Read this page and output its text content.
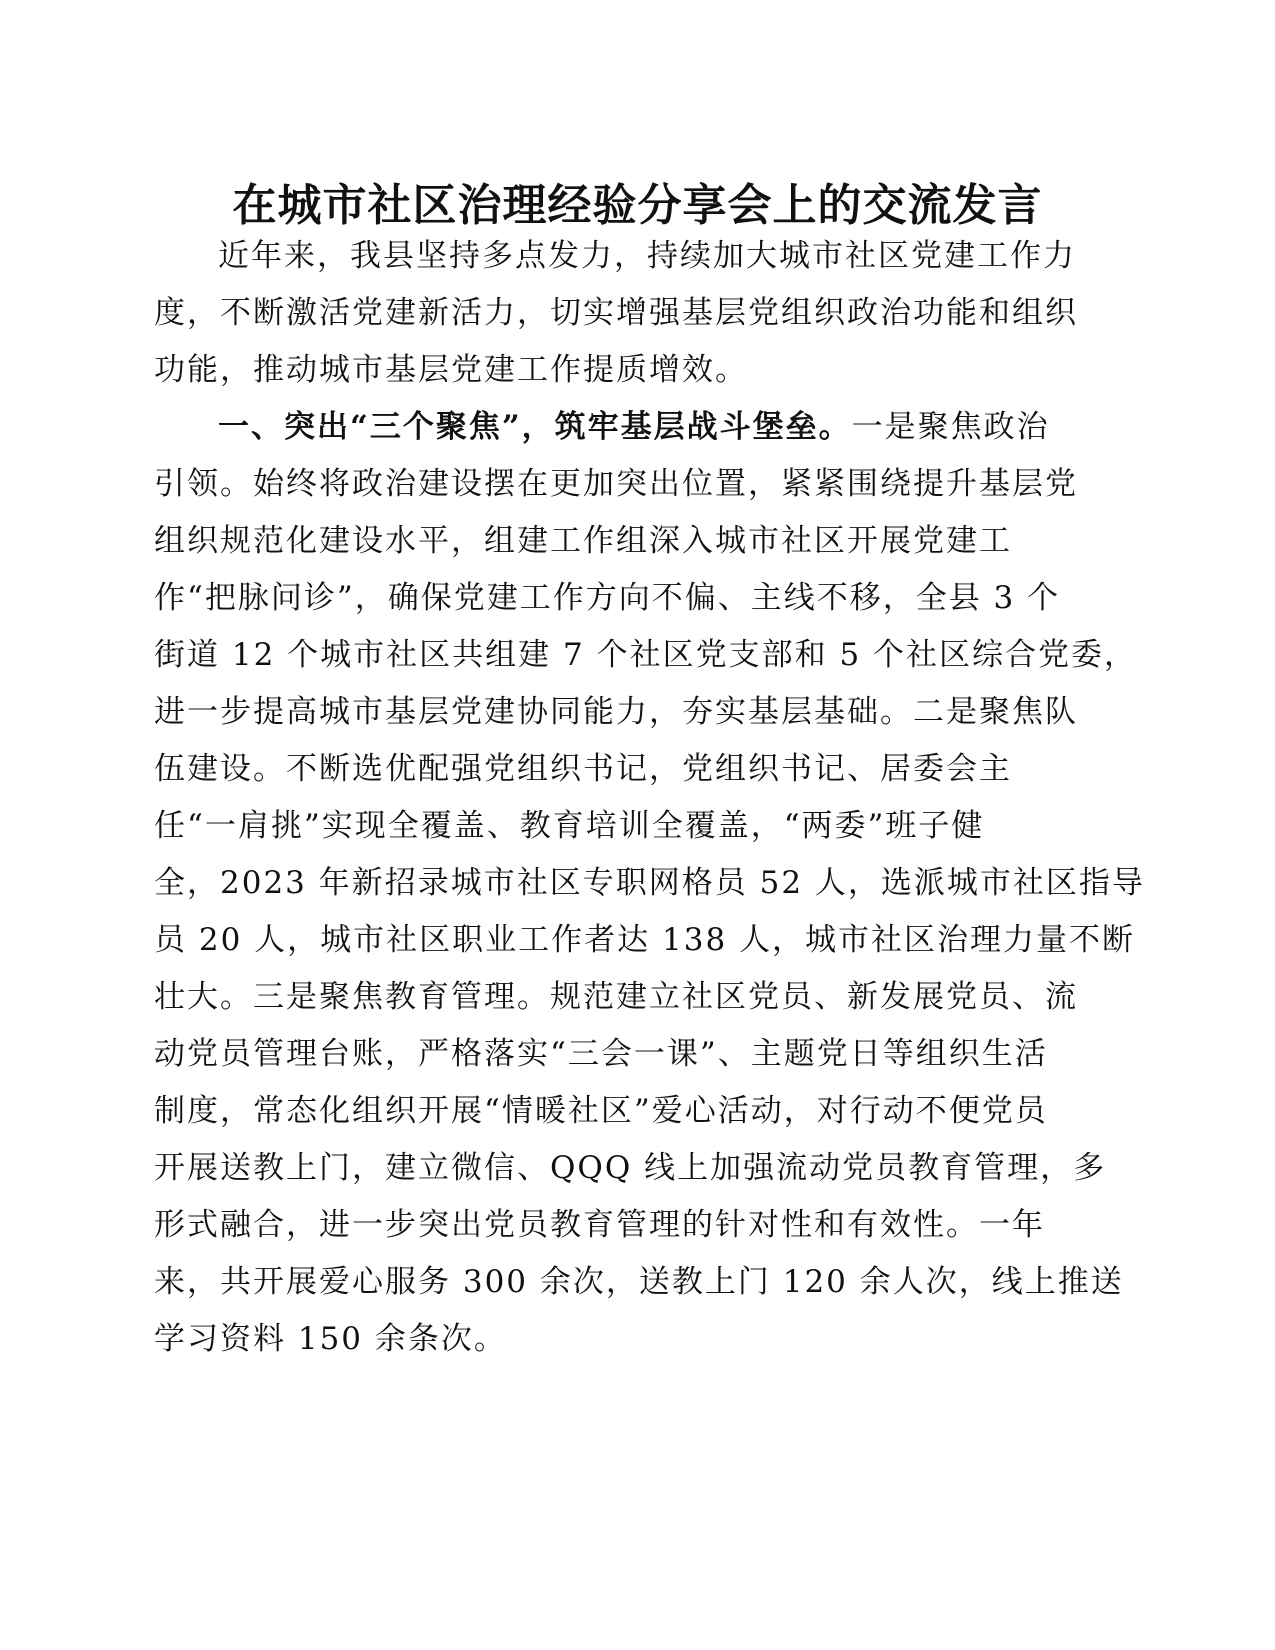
在城市社区治理经验分享会上的交流发言
近年来，我县坚持多点发力，持续加大城市社区党建工作力
度，不断激活党建新活力，切实增强基层党组织政治功能和组织
功能，推动城市基层党建工作提质增效。
一、突出“三个聚焦”，筑牢基层战斗堡垒。一是聚焦政治
引领。始终将政治建设摆在更加突出位置，紧紧围绕提升基层党
组织规范化建设水平，组建工作组深入城市社区开展党建工
作“把脉问诊”，确保党建工作方向不偏、主线不移，全县 3 个
街道 12 个城市社区共组建 7 个社区党支部和 5 个社区综合党委，
进一步提高城市基层党建协同能力，夯实基层基础。二是聚焦队
伍建设。不断选优配强党组织书记，党组织书记、居委会主
任“一肩挑”实现全覆盖、教育培训全覆盖，“两委”班子健
全，2023 年新招录城市社区专职网格员 52 人，选派城市社区指导
员 20 人，城市社区职业工作者达 138 人，城市社区治理力量不断
壮大。三是聚焦教育管理。规范建立社区党员、新发展党员、流
动党员管理台账，严格落实“三会一课”、主题党日等组织生活
制度，常态化组织开展“情暖社区”爱心活动，对行动不便党员
开展送教上门，建立微信、QQQ 线上加强流动党员教育管理，多
形式融合，进一步突出党员教育管理的针对性和有效性。一年
来，共开展爱心服务 300 余次，送教上门 120 余人次，线上推送
学习资料 150 余条次。
